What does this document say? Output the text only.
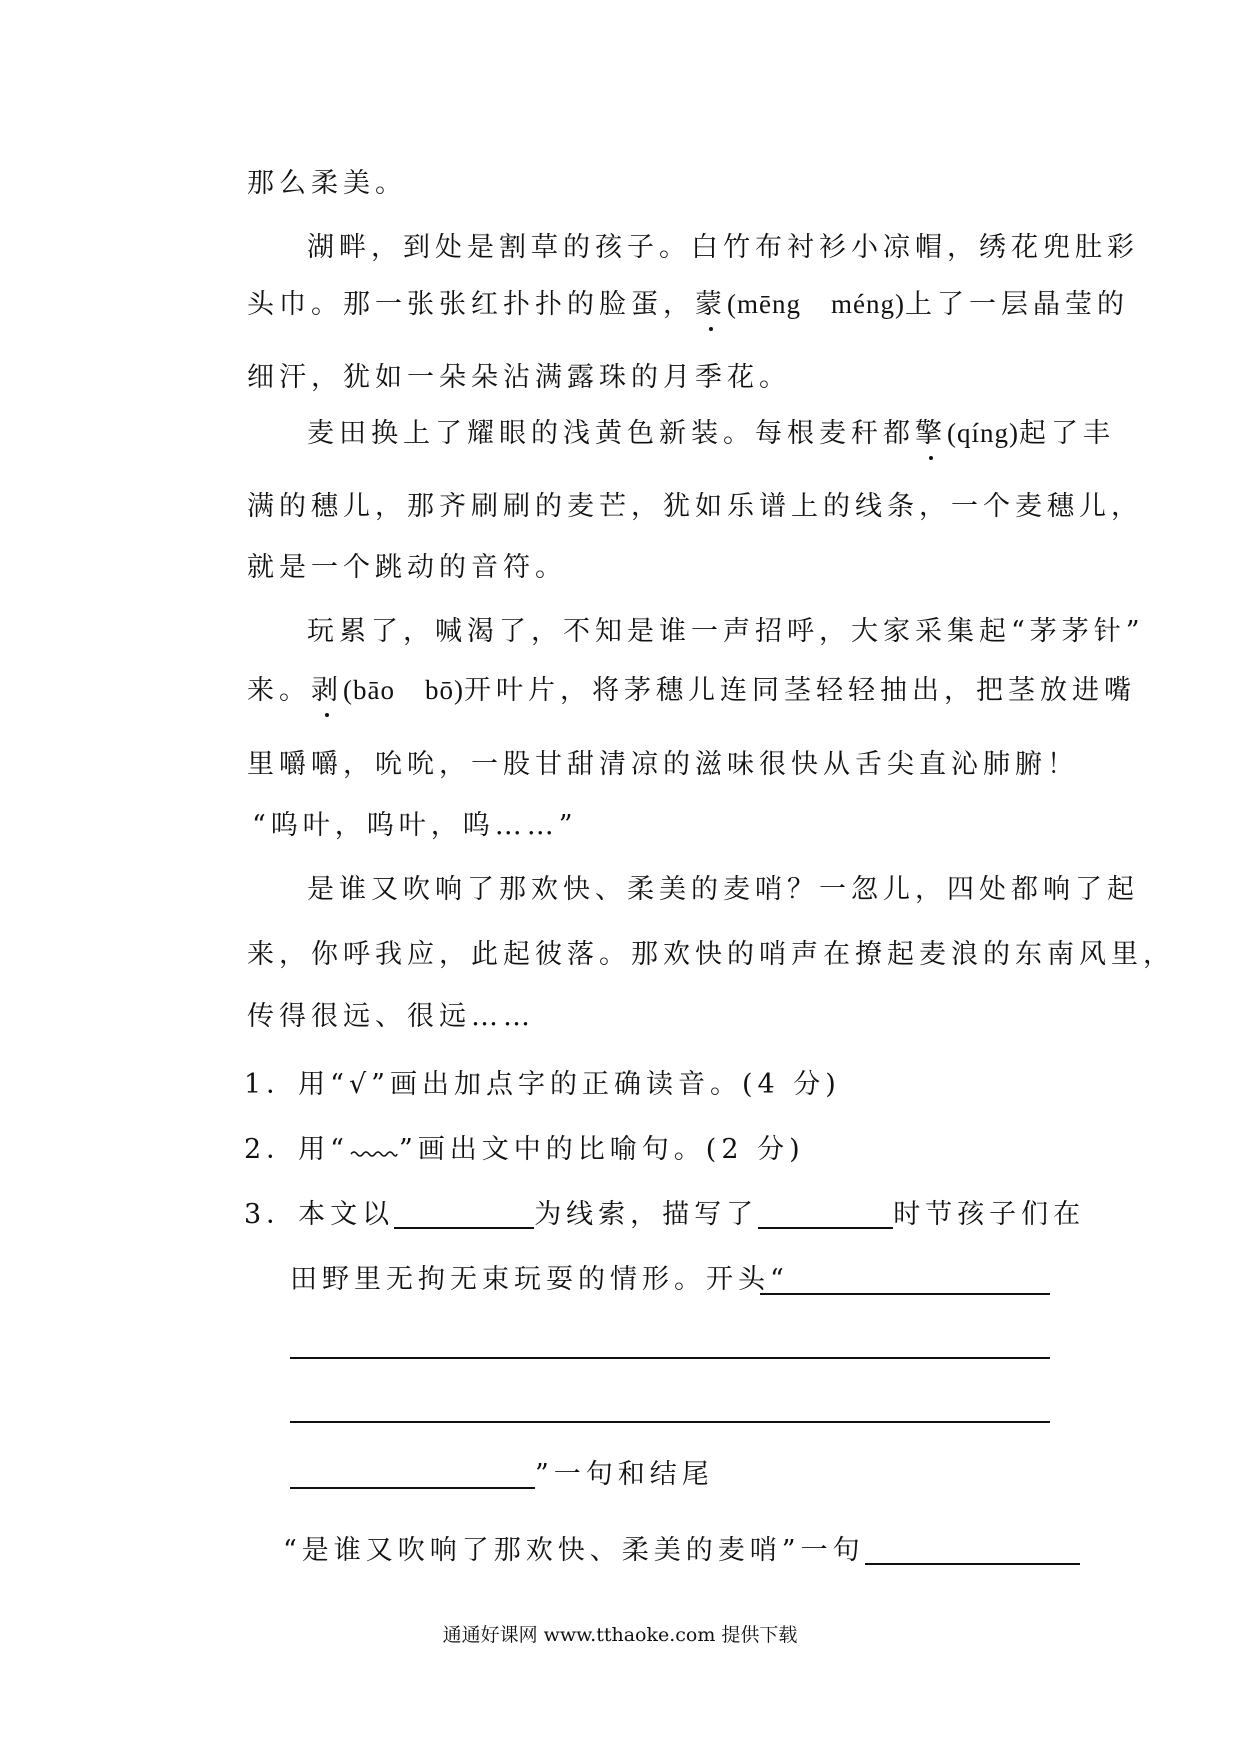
那么柔美。
湖畔，到处是割草的孩子。白竹布衬衫小凉帽，绣花兜肚彩
头巾。那一张张红扑扑的脸蛋，蒙(mēng méng)上了一层晶莹的
细汗，犹如一朵朵沾满露珠的月季花。
麦田换上了耀眼的浅黄色新装。每根麦秆都擎(qíng)起了丰
满的穗儿，那齐刷刷的麦芒，犹如乐谱上的线条，一个麦穗儿，
就是一个跳动的音符。
玩累了，喊渴了，不知是谁一声招呼，大家采集起“茅茅针”
来。剥(bāo bō)开叶片，将茅穗儿连同茎轻轻抽出，把茎放进嘴
里嚼嚼，吮吮，一股甘甜清凉的滋味很快从舌尖直沁肺腑！
“呜叶，呜叶，呜……”
是谁又吹响了那欢快、柔美的麦哨？一忽儿，四处都响了起
来，你呼我应，此起彼落。那欢快的哨声在撩起麦浪的东南风里，
传得很远、很远……
1．用“√”画出加点字的正确读音。(4 分)
2．用“ ”画出文中的比喻句。(2 分)
3．本文以	为线索，描写了	时节孩子们在
田野里无拘无束玩耍的情形。开头“
”一句和结尾
“是谁又吹响了那欢快、柔美的麦哨”一句
通通好课网 www.tthaoke.com 提供下载
